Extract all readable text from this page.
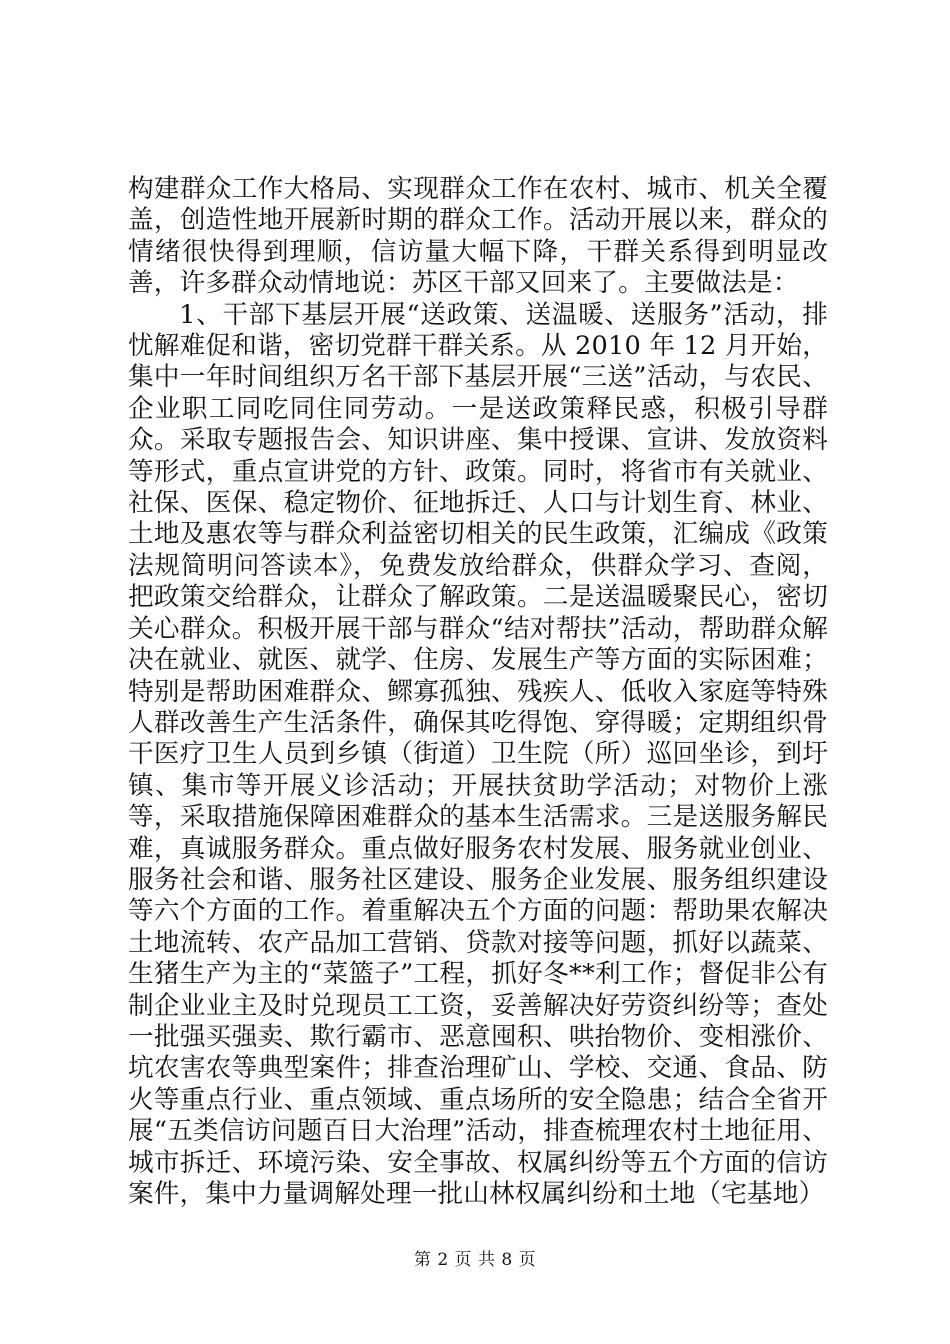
构建群众工作大格局、实现群众工作在农村、城市、机关全覆盖，创造性地开展新时期的群众工作。活动开展以来，群众的情绪很快得到理顺，信访量大幅下降，干群关系得到明显改善，许多群众动情地说：苏区干部又回来了。主要做法是：

1、干部下基层开展“送政策、送温暖、送服务”活动，排忧解难促和谐，密切党群干群关系。从 2010 年 12 月开始，集中一年时间组织万名干部下基层开展“三送”活动，与农民、企业职工同吃同住同劳动。一是送政策释民惑，积极引导群众。采取专题报告会、知识讲座、集中授课、宣讲、发放资料等形式，重点宣讲党的方针、政策。同时，将省市有关就业、社保、医保、稳定物价、征地拆迁、人口与计划生育、林业、土地及惠农等与群众利益密切相关的民生政策，汇编成《政策法规简明问答读本》，免费发放给群众，供群众学习、查阅，把政策交给群众，让群众了解政策。二是送温暖聚民心，密切关心群众。积极开展干部与群众“结对帮扶”活动，帮助群众解决在就业、就医、就学、住房、发展生产等方面的实际困难；特别是帮助困难群众、鳏寡孤独、残疾人、低收入家庭等特殊人群改善生产生活条件，确保其吃得饱、穿得暖；定期组织骨干医疗卫生人员到乡镇（街道）卫生院（所）巡回坐诊，到圩镇、集市等开展义诊活动；开展扶贫助学活动；对物价上涨等，采取措施保障困难群众的基本生活需求。三是送服务解民难，真诚服务群众。重点做好服务农村发展、服务就业创业、服务社会和谐、服务社区建设、服务企业发展、服务组织建设等六个方面的工作。着重解决五个方面的问题：帮助果农解决土地流转、农产品加工营销、贷款对接等问题，抓好以蔬菜、生猪生产为主的“菜篮子”工程，抓好冬**利工作；督促非公有制企业业主及时兑现员工工资，妥善解决好劳资纠纷等；查处一批强买强卖、欺行霸市、恶意囤积、哄抬物价、变相涨价、坑农害农等典型案件；排查治理矿山、学校、交通、食品、防火等重点行业、重点领域、重点场所的安全隐患；结合全省开展“五类信访问题百日大治理”活动，排查梳理农村土地征用、城市拆迁、环境污染、安全事故、权属纠纷等五个方面的信访案件，集中力量调解处理一批山林权属纠纷和土地（宅基地）

第 2 页 共 8 页
